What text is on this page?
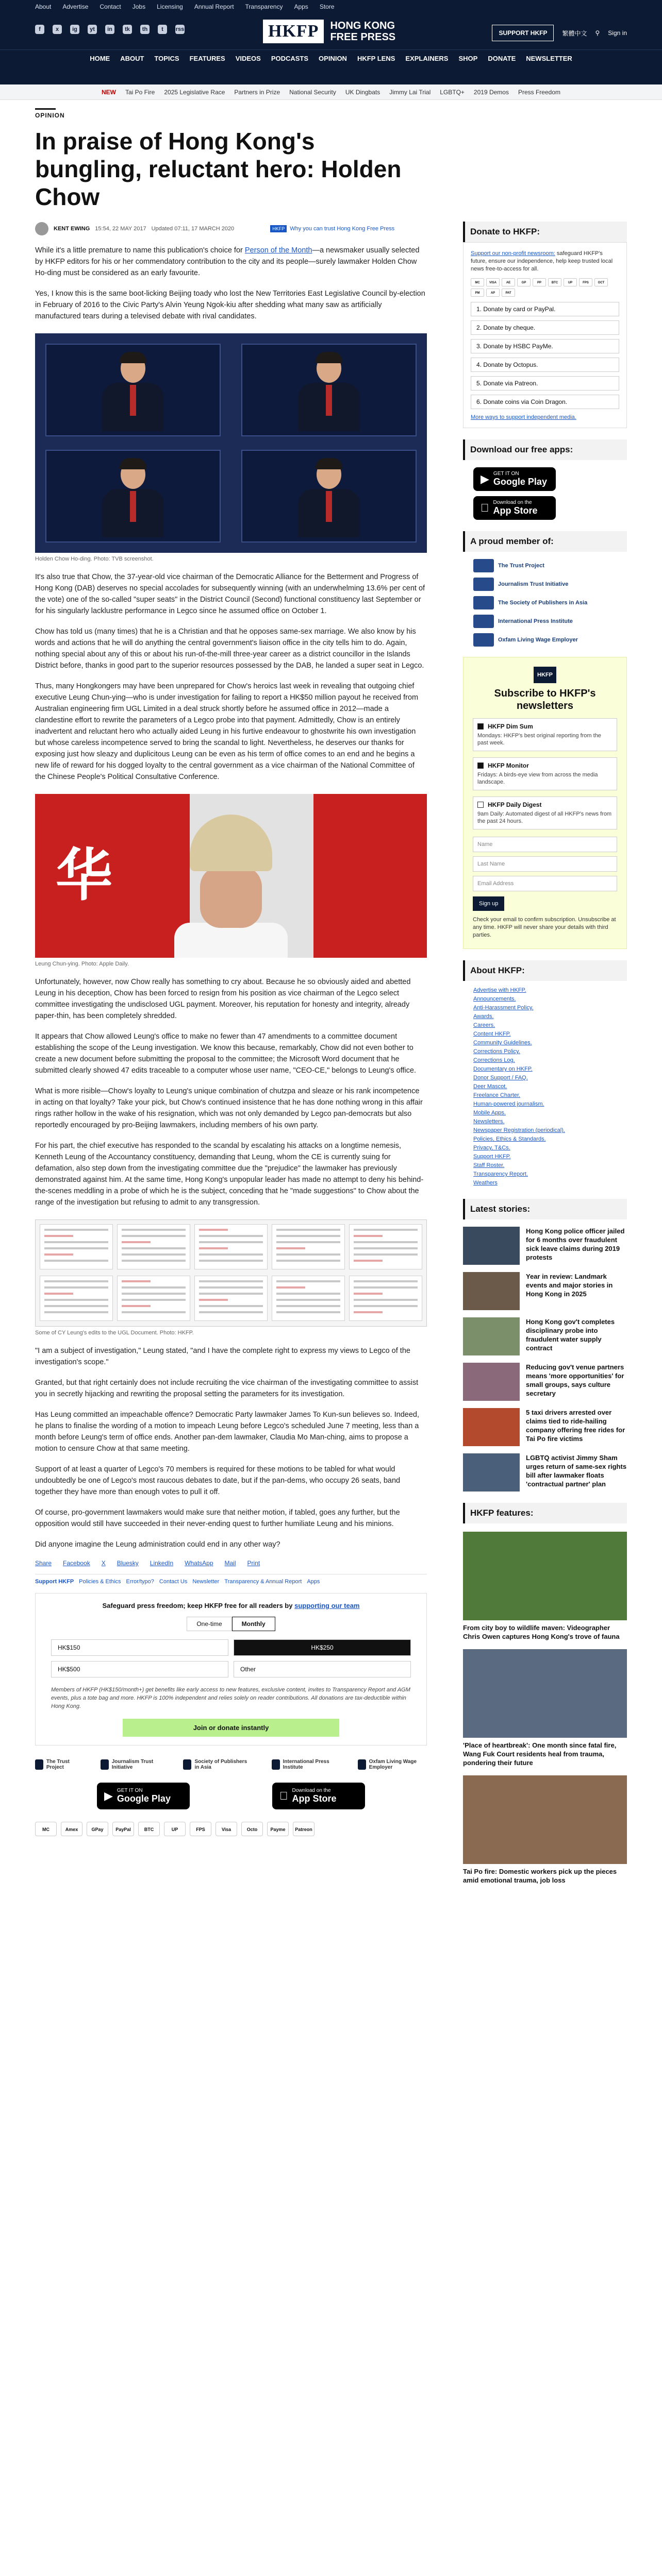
About Advertise Contact Jobs Licensing Annual Report Transparency Apps Store
f	x	ig	yt	in	tk	th	t	rss	HKFP	HONG KONG
FREE PRESS	SUPPORT HKFP	繁體中文 ⚲ Sign in
HOME ABOUT TOPICS FEATURES VIDEOS PODCASTS OPINION HKFP LENS EXPLAINERS SHOP DONATE NEWSLETTER
NEW Tai Po Fire 2025 Legislative Race Partners in Prize National Security UK Dingbats Jimmy Lai Trial LGBTQ+ 2019 Demos Press Freedom
OPINION
In praise of Hong Kong's bungling, reluctant hero: Holden Chow
KENT EWING 15:54, 22 MAY 2017 Updated 07:11, 17 MARCH 2020	HKFP Why you can trust Hong Kong Free Press

While it's a little premature to name this publication's choice for Person of the Month—a newsmaker usually selected by HKFP editors for his or her commendatory contribution to the city and its people—surely lawmaker Holden Chow Ho-ding must be considered as an early favourite.

Yes, I know this is the same boot-licking Beijing toady who lost the New Territories East Legislative Council by-election in February of 2016 to the Civic Party's Alvin Yeung Ngok-kiu after shedding what many saw as artificially manufactured tears during a televised debate with rival candidates.

Holden Chow Ho-ding. Photo: TVB screenshot.

It's also true that Chow, the 37-year-old vice chairman of the Democratic Alliance for the Betterment and Progress of Hong Kong (DAB) deserves no special accolades for subsequently winning (with an underwhelming 13.6% per cent of the vote) one of the so-called "super seats" in the District Council (Second) functional constituency last September or for his singularly lacklustre performance in Legco since he assumed office on October 1.

Chow has told us (many times) that he is a Christian and that he opposes same-sex marriage. We also know by his words and actions that he will do anything the central government's liaison office in the city tells him to do. Again, nothing special about any of this or about his run-of-the-mill three-year career as a district councillor in the Islands District before, thanks in good part to the superior resources possessed by the DAB, he landed a super seat in Legco.

Thus, many Hongkongers may have been unprepared for Chow's heroics last week in revealing that outgoing chief executive Leung Chun-ying—who is under investigation for failing to report a HK$50 million payout he received from Australian engineering firm UGL Limited in a deal struck shortly before he assumed office in 2012—made a clandestine effort to rewrite the parameters of a Legco probe into that payment. Admittedly, Chow is an entirely inadvertent and reluctant hero who actually aided Leung in his furtive endeavour to ghostwrite his own investigation but whose careless incompetence served to bring the scandal to light. Nevertheless, he deserves our thanks for exposing just how sleazy and duplicitous Leung can be even as his term of office comes to an end and he begins a new life of reward for his dogged loyalty to the central government as a vice chairman of the National Committee of the Chinese People's Political Consultative Conference.

华
Leung Chun-ying. Photo: Apple Daily.

Unfortunately, however, now Chow really has something to cry about. Because he so obviously aided and abetted Leung in his deception, Chow has been forced to resign from his position as vice chairman of the Legco select committee investigating the undisclosed UGL payment. Moreover, his reputation for honesty and integrity, already paper-thin, has been completely shredded.

It appears that Chow allowed Leung's office to make no fewer than 47 amendments to a committee document establishing the scope of the Leung investigation. We know this because, remarkably, Chow did not even bother to create a new document before submitting the proposal to the committee; the Microsoft Word document that he submitted clearly showed 47 edits traceable to a computer whose user name, "CEO-CE," belongs to Leung's office.

What is more risible—Chow's loyalty to Leung's unique combination of chutzpa and sleaze or his rank incompetence in acting on that loyalty? Take your pick, but Chow's continued insistence that he has done nothing wrong in this affair rings rather hollow in the wake of his resignation, which was not only demanded by Legco pan-democrats but also reportedly encouraged by pro-Beijing lawmakers, including members of his own party.

For his part, the chief executive has responded to the scandal by escalating his attacks on a longtime nemesis, Kenneth Leung of the Accountancy constituency, demanding that Leung, whom the CE is currently suing for defamation, also step down from the investigating committee due the "prejudice" the lawmaker has previously demonstrated against him. At the same time, Hong Kong's unpopular leader has made no attempt to deny his behind-the-scenes meddling in a probe of which he is the subject, conceding that he "made suggestions" to Chow about the range of the investigation but refusing to admit to any transgression.

Some of CY Leung's edits to the UGL Document. Photo: HKFP.

"I am a subject of investigation," Leung stated, "and I have the complete right to express my views to Legco of the investigation's scope."

Granted, but that right certainly does not include recruiting the vice chairman of the investigating committee to assist you in secretly hijacking and rewriting the proposal setting the parameters for its investigation.

Has Leung committed an impeachable offence? Democratic Party lawmaker James To Kun-sun believes so. Indeed, he plans to finalise the wording of a motion to impeach Leung before Legco's scheduled June 7 meeting, less than a month before Leung's term of office ends. Another pan-dem lawmaker, Claudia Mo Man-ching, aims to propose a motion to censure Chow at that same meeting.

Support of at least a quarter of Legco's 70 members is required for these motions to be tabled for what would undoubtedly be one of Legco's most raucous debates to date, but if the pan-dems, who occupy 26 seats, band together they have more than enough votes to pull it off.

Of course, pro-government lawmakers would make sure that neither motion, if tabled, goes any further, but the opposition would still have succeeded in their never-ending quest to further humiliate Leung and his minions.

Did anyone imagine the Leung administration could end in any other way?

Share Facebook X Bluesky LinkedIn WhatsApp Mail Print
Support HKFP Policies & Ethics Error/typo? Contact Us Newsletter Transparency & Annual Report Apps
Safeguard press freedom; keep HKFP free for all readers by supporting our team
One-time	Monthly
HK$150	HK$250
HK$500	Other
Members of HKFP (HK$150/month+) get benefits like early access to new features, exclusive content, invites to Transparency Report and AGM events, plus a tote bag and more. HKFP is 100% independent and relies solely on reader contributions. All donations are tax-deductible within Hong Kong.
Join or donate instantly
The Trust Project
Journalism Trust Initiative
Society of Publishers in Asia
International Press Institute
Oxfam Living Wage Employer
▶ GET IT ON
Google Play
Download on the
App Store
MC	Amex	GPay	PayPal	BTC	UP	FPS	Visa	Octo	Payme	Patreon
Donate to HKFP:

Support our non-profit newsroom: safeguard HKFP's future, ensure our independence, help keep trusted local news free-to-access for all.

MC	VISA	AE	GP	PP	BTC	UP	FPS	OCT
PM	AP	PAT
1. Donate by card or PayPal.
2. Donate by cheque.
3. Donate by HSBC PayMe.
4. Donate by Octopus.
5. Donate via Patreon.
6. Donate coins via Coin Dragon.
More ways to support independent media.
Download our free apps:
▶ GET IT ON
Google Play
Download on the
App Store
A proud member of:
The Trust Project
Journalism Trust Initiative
The Society of Publishers in Asia
International Press Institute
Oxfam Living Wage Employer
HKFP
Subscribe to HKFP's newsletters
HKFP Dim Sum

Mondays: HKFP's best original reporting from the past week.

HKFP Monitor

Fridays: A birds-eye view from across the media landscape.

HKFP Daily Digest

9am Daily: Automated digest of all HKFP's news from the past 24 hours.

Name
Last Name
Email Address
Sign up

Check your email to confirm subscription. Unsubscribe at any time. HKFP will never share your details with third parties.

About HKFP:
Advertise with HKFP.
Announcements.
Anti-Harassment Policy.
Awards.
Careers.
Content HKFP.
Community Guidelines.
Corrections Policy.
Corrections Log.
Documentary on HKFP.
Donor Support / FAQ.
Deer Mascot.
Freelance Charter.
Human-powered journalism.
Mobile Apps.
Newsletters.
Newspaper Registration (periodical).
Policies, Ethics & Standards.
Privacy, T&Cs.
Support HKFP.
Staff Roster.
Transparency Report.
Weathers
Latest stories:
Hong Kong police officer jailed for 6 months over fraudulent sick leave claims during 2019 protests
Year in review: Landmark events and major stories in Hong Kong in 2025
Hong Kong gov't completes disciplinary probe into fraudulent water supply contract
Reducing gov't venue partners means 'more opportunities' for small groups, says culture secretary
5 taxi drivers arrested over claims tied to ride-hailing company offering free rides for Tai Po fire victims
LGBTQ activist Jimmy Sham urges return of same-sex rights bill after lawmaker floats 'contractual partner' plan
HKFP features:
From city boy to wildlife maven: Videographer Chris Owen captures Hong Kong's trove of fauna
'Place of heartbreak': One month since fatal fire, Wang Fuk Court residents heal from trauma, pondering their future
Tai Po fire: Domestic workers pick up the pieces amid emotional trauma, job loss
